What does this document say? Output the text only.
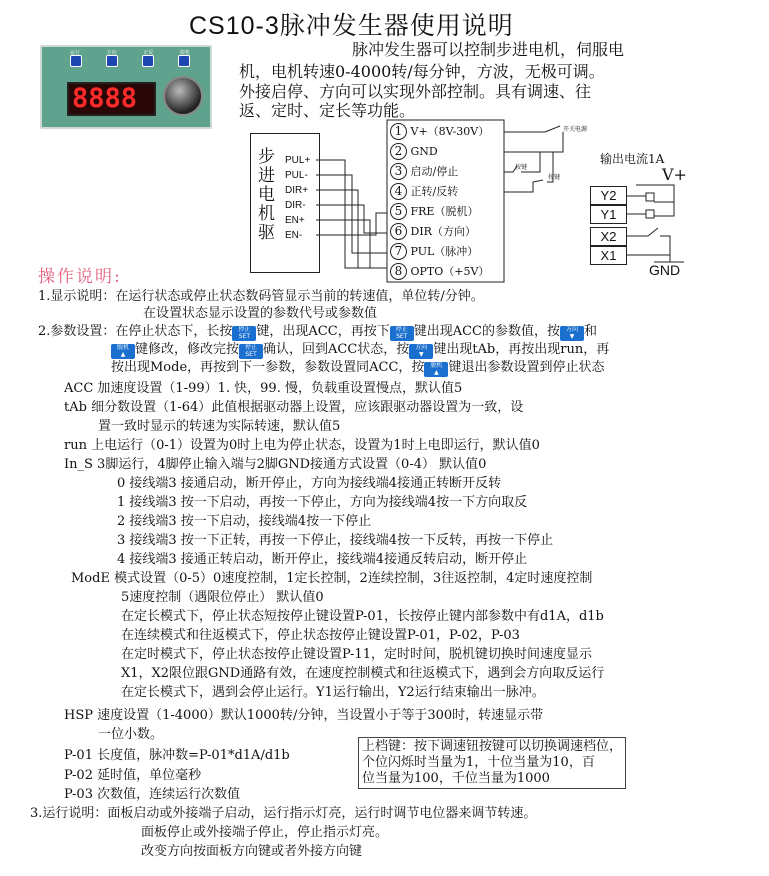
CS10-3脉冲发生器使用说明
运行	方向	正反	脱机
8888
脉冲发生器可以控制步进电机，伺服电
机，电机转速0-4000转/每分钟，方波，无极可调。
外接启停、方向可以实现外部控制。具有调速、往
返、定时、定长等功能。
步
进
电
机
驱
PUL+
PUL-
DIR+
DIR-
EN+
EN-
1 V+（8V-30V）
2 GND
3 启动/停止
4 正转/反转
5 FRE（脱机）
6 DIR（方向）
7 PUL（脉冲）
8 OPTO（+5V）
开关电源
按键
按键
输出电流1A
V+
Y2
Y1
X2
X1
GND
操作说明:
1.显示说明：在运行状态或停止状态数码管显示当前的转速值，单位转/分钟。
在设置状态显示设置的参数代号或参数值
2.参数设置：在停止状态下，长按 停止
SET 键，出现ACC，再按下 停止
SET 键出现ACC的参数值，按 方向
▼ 和
脱机
▲ 键修改，修改完按 停止
SET 确认，回到ACC状态，按 方向
▼ 键出现tAb，再按出现run，再
按出现Mode，再按到下一参数，参数设置同ACC，按 脱机
▲ 键退出参数设置到停止状态
ACC 加速度设置（1-99）1. 快，99. 慢，负载重设置慢点，默认值5
tAb 细分数设置（1-64）此值根据驱动器上设置，应该跟驱动器设置为一致，设
置一致时显示的转速为实际转速，默认值5
run 上电运行（0-1）设置为0时上电为停止状态，设置为1时上电即运行，默认值0
In_S 3脚运行，4脚停止输入端与2脚GND接通方式设置（0-4） 默认值0
0 接线端3 接通启动，断开停止，方向为接线端4接通正转断开反转
1 接线端3 按一下启动，再按一下停止，方向为接线端4按一下方向取反
2 接线端3 按一下启动，接线端4按一下停止
3 接线端3 按一下正转，再按一下停止，接线端4按一下反转，再按一下停止
4 接线端3 接通正转启动，断开停止，接线端4接通反转启动，断开停止
ModE 模式设置（0-5）0速度控制，1定长控制，2连续控制，3往返控制，4定时速度控制
5速度控制（遇限位停止） 默认值0
在定长模式下，停止状态短按停止键设置P-01，长按停止键内部参数中有d1A，d1b
在连续模式和往返模式下，停止状态按停止键设置P-01，P-02，P-03
在定时模式下，停止状态按停止键设置P-11，定时时间，脱机键切换时间速度显示
X1，X2限位跟GND通路有效，在速度控制模式和往返模式下，遇到会方向取反运行
在定长模式下，遇到会停止运行。Y1运行输出，Y2运行结束输出一脉冲。
HSP 速度设置（1-4000）默认1000转/分钟，当设置小于等于300时，转速显示带
一位小数。
P-01 长度值，脉冲数=P-01*d1A/d1b
P-02 延时值，单位毫秒
P-03 次数值，连续运行次数值
上档键：按下调速钮按键可以切换调速档位，
个位闪烁时当量为1，十位当量为10，百
位当量为100，千位当量为1000
3.运行说明：面板启动或外接端子启动，运行指示灯亮，运行时调节电位器来调节转速。
面板停止或外接端子停止，停止指示灯亮。
改变方向按面板方向键或者外接方向键
